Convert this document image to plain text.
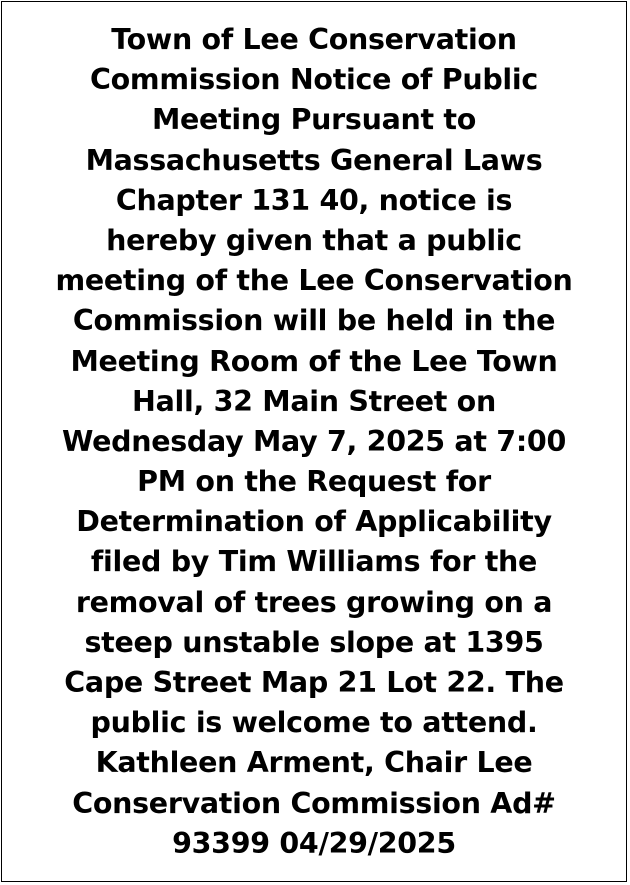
Town of Lee Conservation
Commission Notice of Public
Meeting Pursuant to
Massachusetts General Laws
Chapter 131 40, notice is
hereby given that a public
meeting of the Lee Conservation
Commission will be held in the
Meeting Room of the Lee Town
Hall, 32 Main Street on
Wednesday May 7, 2025 at 7:00
PM on the Request for
Determination of Applicability
filed by Tim Williams for the
removal of trees growing on a
steep unstable slope at 1395
Cape Street Map 21 Lot 22. The
public is welcome to attend.
Kathleen Arment, Chair Lee
Conservation Commission Ad#
93399 04/29/2025
